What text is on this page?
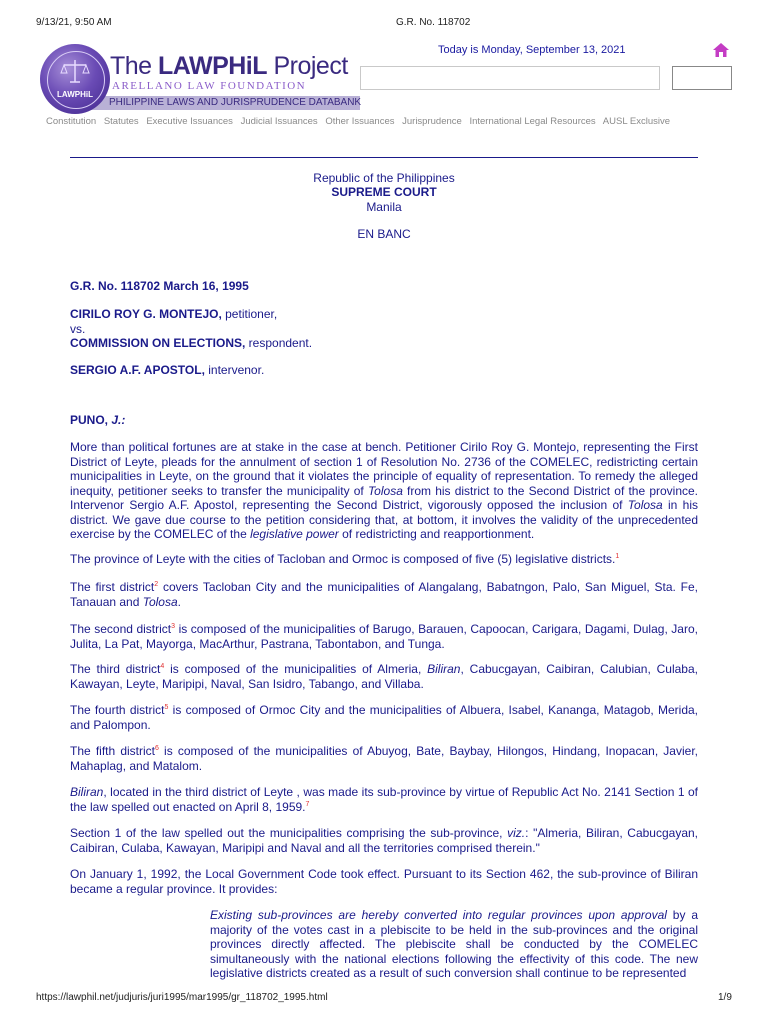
9/13/21, 9:50 AM	G.R. No. 118702
PHILIPPINE LAWS AND JURISPRUDENCE DATABANK
LAWPHiL
The LAWPHiL Project
ARELLANO LAW FOUNDATION
Today is Monday, September 13, 2021
Constitution Statutes Executive Issuances Judicial Issuances Other Issuances Jurisprudence International Legal Resources AUSL Exclusive
Republic of the Philippines
SUPREME COURT
Manila
EN BANC
G.R. No. 118702 March 16, 1995
CIRILO ROY G. MONTEJO, petitioner,
vs.
COMMISSION ON ELECTIONS, respondent.
SERGIO A.F. APOSTOL, intervenor.
PUNO, J.:
More than political fortunes are at stake in the case at bench. Petitioner Cirilo Roy G. Montejo, representing the First District of Leyte, pleads for the annulment of section 1 of Resolution No. 2736 of the COMELEC, redistricting certain municipalities in Leyte, on the ground that it violates the principle of equality of representation. To remedy the alleged inequity, petitioner seeks to transfer the municipality of Tolosa from his district to the Second District of the province. Intervenor Sergio A.F. Apostol, representing the Second District, vigorously opposed the inclusion of Tolosa in his district. We gave due course to the petition considering that, at bottom, it involves the validity of the unprecedented exercise by the COMELEC of the legislative power of redistricting and reapportionment.
The province of Leyte with the cities of Tacloban and Ormoc is composed of five (5) legislative districts.$^1$
The first district$^2$ covers Tacloban City and the municipalities of Alangalang, Babatngon, Palo, San Miguel, Sta. Fe, Tanauan and Tolosa.
The second district$^3$ is composed of the municipalities of Barugo, Barauen, Capoocan, Carigara, Dagami, Dulag, Jaro, Julita, La Pat, Mayorga, MacArthur, Pastrana, Tabontabon, and Tunga.
The third district$^4$ is composed of the municipalities of Almeria, Biliran, Cabucgayan, Caibiran, Calubian, Culaba, Kawayan, Leyte, Maripipi, Naval, San Isidro, Tabango, and Villaba.
The fourth district$^5$ is composed of Ormoc City and the municipalities of Albuera, Isabel, Kananga, Matagob, Merida, and Palompon.
The fifth district$^6$ is composed of the municipalities of Abuyog, Bate, Baybay, Hilongos, Hindang, Inopacan, Javier, Mahaplag, and Matalom.
Biliran, located in the third district of Leyte , was made its sub-province by virtue of Republic Act No. 2141 Section 1 of the law spelled out enacted on April 8, 1959.$^7$
Section 1 of the law spelled out the municipalities comprising the sub-province, viz.: "Almeria, Biliran, Cabucgayan, Caibiran, Culaba, Kawayan, Maripipi and Naval and all the territories comprised therein."
On January 1, 1992, the Local Government Code took effect. Pursuant to its Section 462, the sub-province of Biliran became a regular province. It provides:
Existing sub-provinces are hereby converted into regular provinces upon approval by a majority of the votes cast in a plebiscite to be held in the sub-provinces and the original provinces directly affected. The plebiscite shall be conducted by the COMELEC simultaneously with the national elections following the effectivity of this code. The new legislative districts created as a result of such conversion shall continue to be represented
https://lawphil.net/judjuris/juri1995/mar1995/gr_118702_1995.html	1/9
